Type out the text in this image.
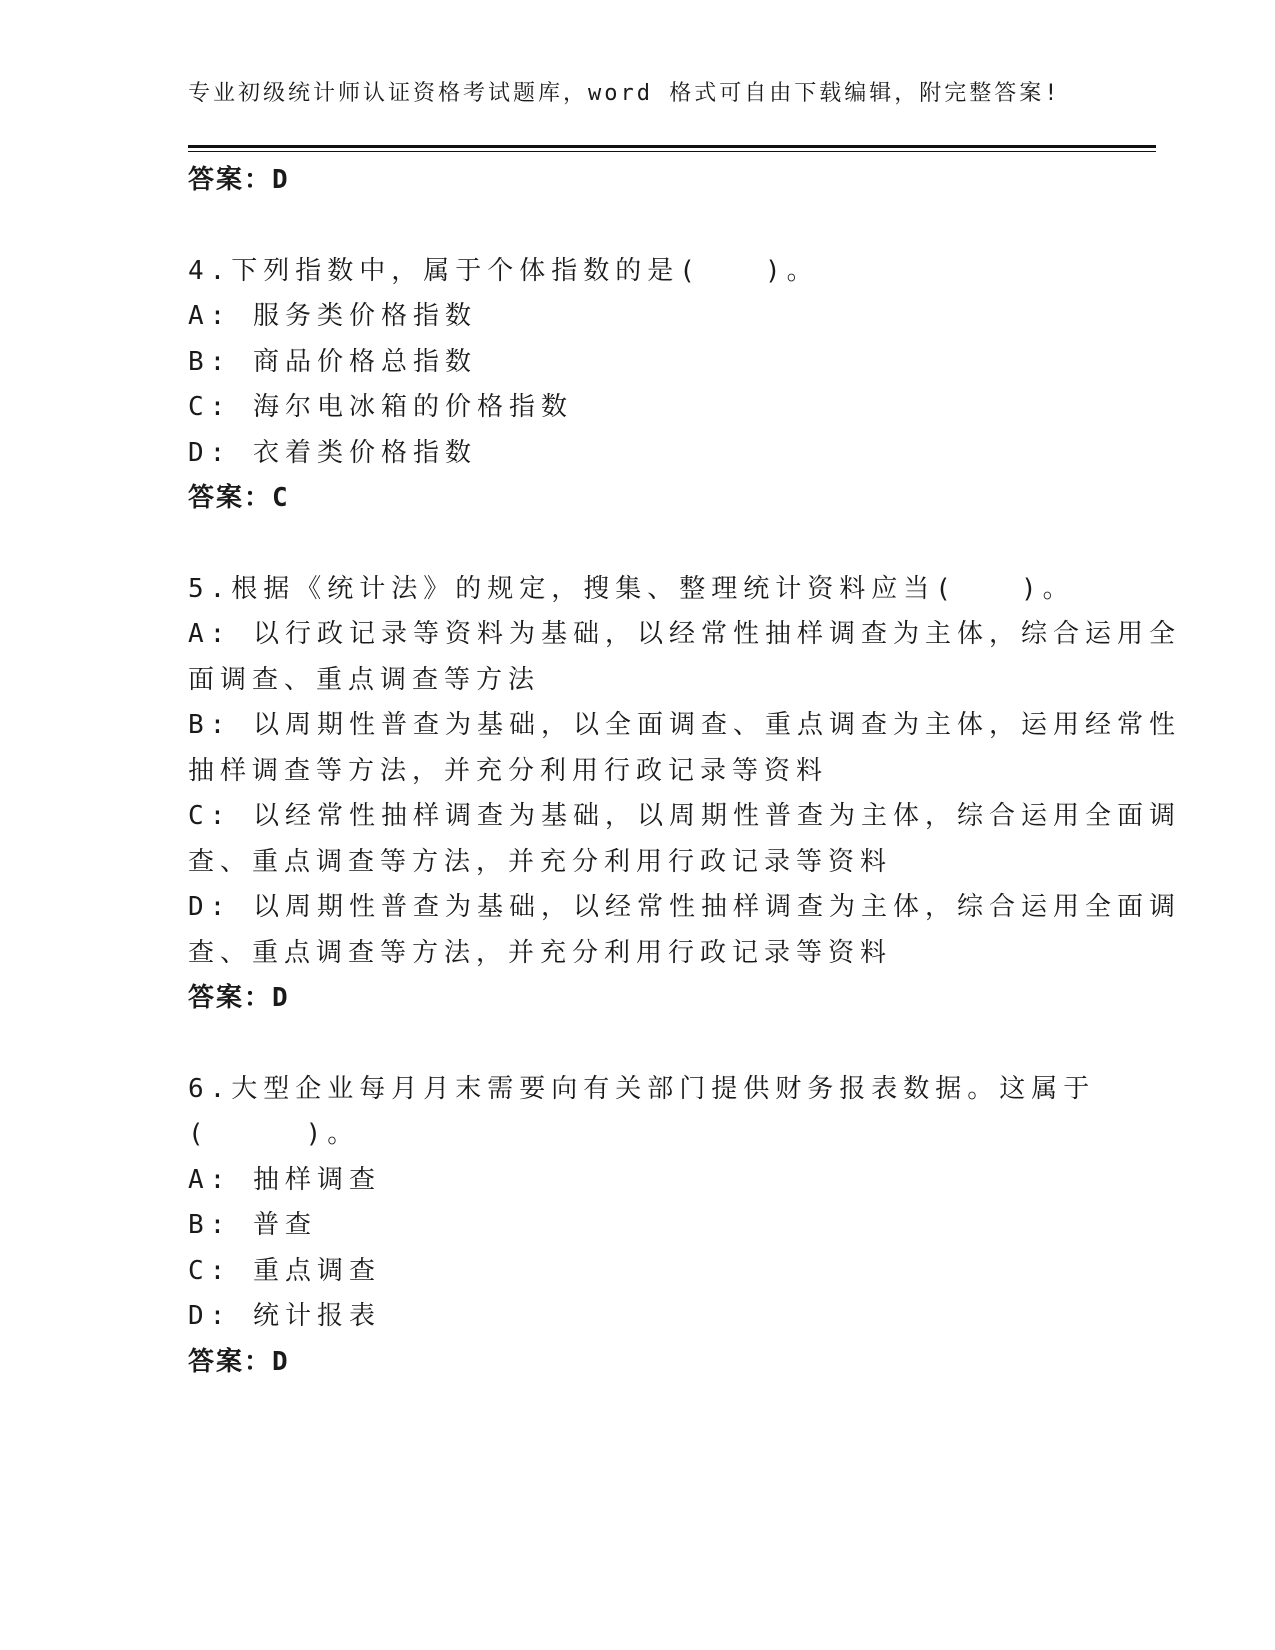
专业初级统计师认证资格考试题库，word 格式可自由下载编辑，附完整答案!
答案：D
4.下列指数中，属于个体指数的是(　　)。
A: 服务类价格指数
B: 商品价格总指数
C: 海尔电冰箱的价格指数
D: 衣着类价格指数
答案：C
5.根据《统计法》的规定，搜集、整理统计资料应当(　　)。
A: 以行政记录等资料为基础，以经常性抽样调查为主体，综合运用全
面调查、重点调查等方法
B: 以周期性普查为基础，以全面调查、重点调查为主体，运用经常性
抽样调查等方法，并充分利用行政记录等资料
C: 以经常性抽样调查为基础，以周期性普查为主体，综合运用全面调
查、重点调查等方法，并充分利用行政记录等资料
D: 以周期性普查为基础，以经常性抽样调查为主体，综合运用全面调
查、重点调查等方法，并充分利用行政记录等资料
答案：D
6.大型企业每月月末需要向有关部门提供财务报表数据。这属于
(　　　)。
A: 抽样调查
B: 普查
C: 重点调查
D: 统计报表
答案：D
